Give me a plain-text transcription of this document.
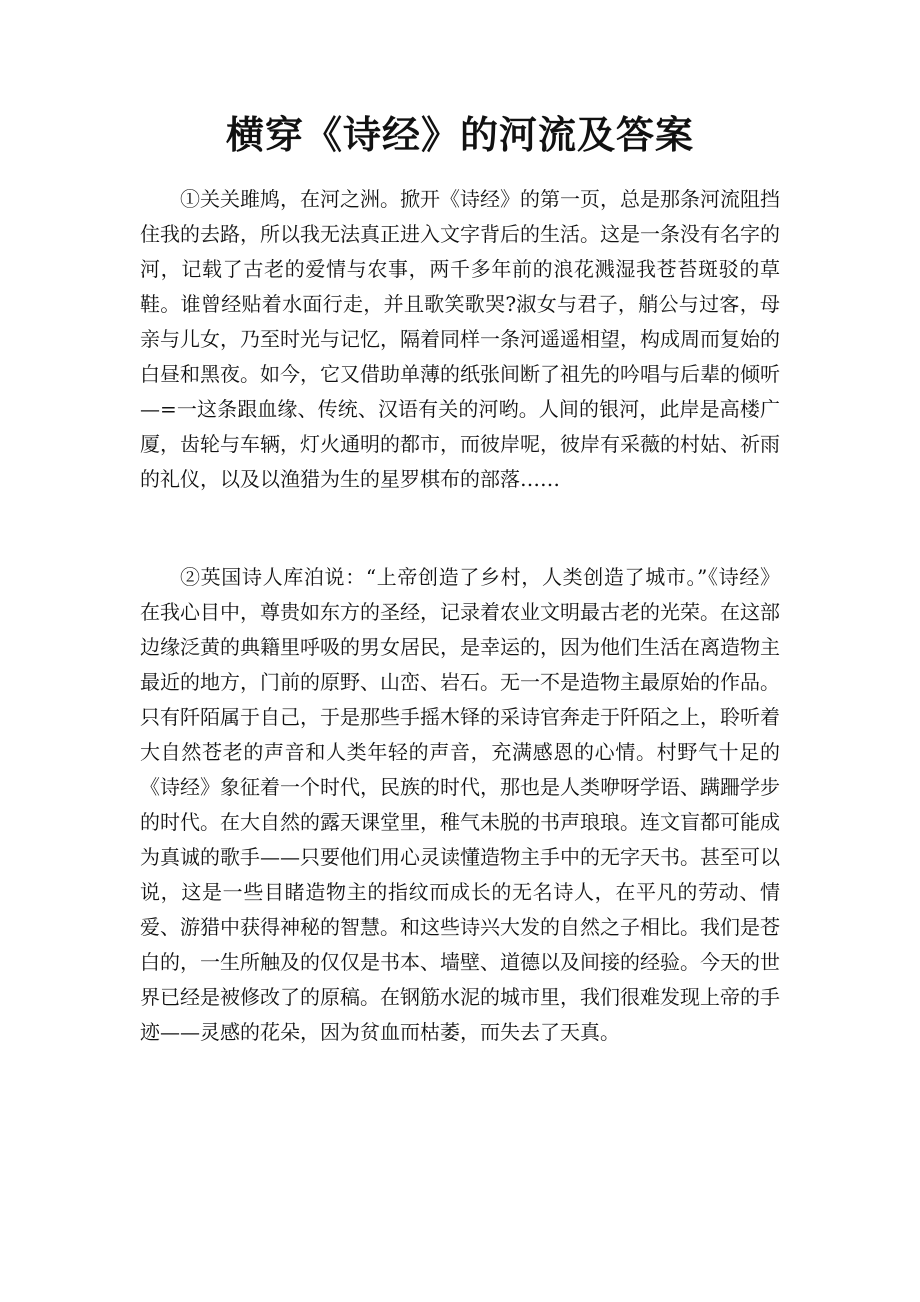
横穿《诗经》的河流及答案

①关关雎鸠，在河之洲。掀开《诗经》的第一页，总是那条河流阻挡住我的去路，所以我无法真正进入文字背后的生活。这是一条没有名字的河，记载了古老的爱情与农事，两千多年前的浪花溅湿我苍苔斑驳的草鞋。谁曾经贴着水面行走，并且歌笑歌哭?淑女与君子，艄公与过客，母亲与儿女，乃至时光与记忆，隔着同样一条河遥遥相望，构成周而复始的白昼和黑夜。如今，它又借助单薄的纸张间断了祖先的吟唱与后辈的倾听—=一这条跟血缘、传统、汉语有关的河哟。人间的银河，此岸是高楼广厦，齿轮与车辆，灯火通明的都市，而彼岸呢，彼岸有采薇的村姑、祈雨的礼仪，以及以渔猎为生的星罗棋布的部落……

②英国诗人库泊说：“上帝创造了乡村，人类创造了城市。”《诗经》在我心目中，尊贵如东方的圣经，记录着农业文明最古老的光荣。在这部边缘泛黄的典籍里呼吸的男女居民，是幸运的，因为他们生活在离造物主最近的地方，门前的原野、山峦、岩石。无一不是造物主最原始的作品。只有阡陌属于自己，于是那些手摇木铎的采诗官奔走于阡陌之上，聆听着大自然苍老的声音和人类年轻的声音，充满感恩的心情。村野气十足的《诗经》象征着一个时代，民族的时代，那也是人类咿呀学语、蹒跚学步的时代。在大自然的露天课堂里，稚气未脱的书声琅琅。连文盲都可能成为真诚的歌手——只要他们用心灵读懂造物主手中的无字天书。甚至可以说，这是一些目睹造物主的指纹而成长的无名诗人，在平凡的劳动、情爱、游猎中获得神秘的智慧。和这些诗兴大发的自然之子相比。我们是苍白的，一生所触及的仅仅是书本、墙壁、道德以及间接的经验。今天的世界已经是被修改了的原稿。在钢筋水泥的城市里，我们很难发现上帝的手迹——灵感的花朵，因为贫血而枯萎，而失去了天真。
